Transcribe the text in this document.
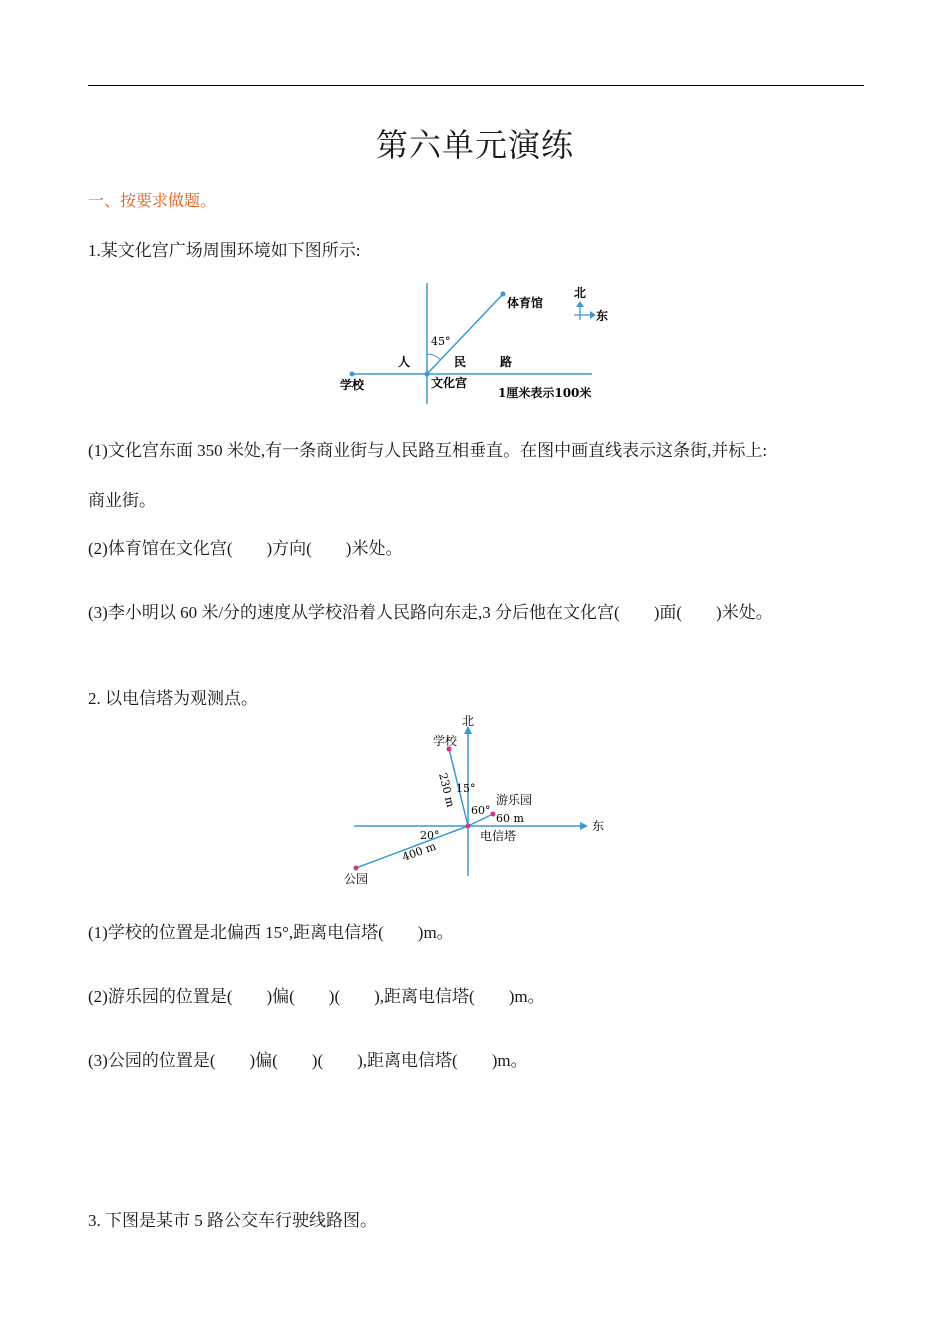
第六单元演练
一、按要求做题。
1.某文化宫广场周围环境如下图所示:
体育馆
北
东
45°
人	民	路
学校	文化宫
1厘米表示100米
(1)文化宫东面 350 米处,有一条商业街与人民路互相垂直。在图中画直线表示这条街,并标上:
商业街。
(2)体育馆在文化宫(　　)方向(　　)米处。
(3)李小明以 60 米/分的速度从学校沿着人民路向东走,3 分后他在文化宫(　　)面(　　)米处。
2. 以电信塔为观测点。
北
东
学校
230 m
15°
60°
游乐园
60 m
20°	电信塔
400 m
公园
(1)学校的位置是北偏西 15°,距离电信塔(　　)m。
(2)游乐园的位置是(　　)偏(　　)(　　),距离电信塔(　　)m。
(3)公园的位置是(　　)偏(　　)(　　),距离电信塔(　　)m。
3. 下图是某市 5 路公交车行驶线路图。
